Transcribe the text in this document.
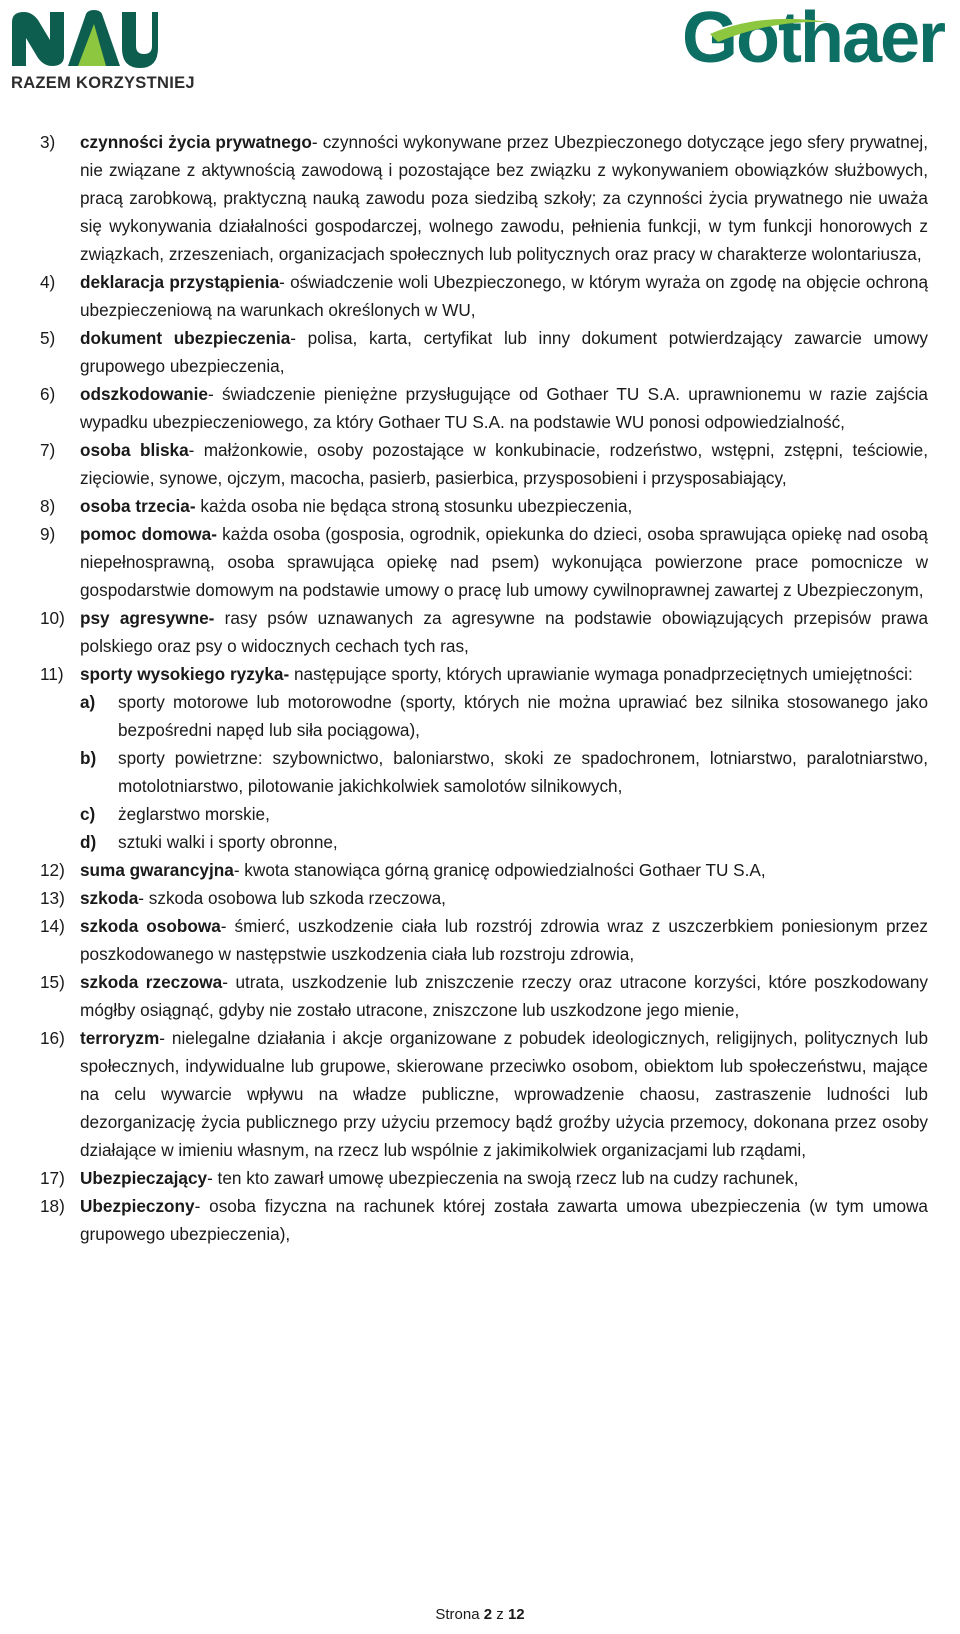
RAZEM KORZYSTNIEJ
Gothaer
3) czynności życia prywatnego- czynności wykonywane przez Ubezpieczonego dotyczące jego sfery prywatnej, nie związane z aktywnością zawodową i pozostające bez związku z wykonywaniem obowiązków służbowych, pracą zarobkową, praktyczną nauką zawodu poza siedzibą szkoły; za czynności życia prywatnego nie uważa się wykonywania działalności gospodarczej, wolnego zawodu, pełnienia funkcji, w tym funkcji honorowych z związkach, zrzeszeniach, organizacjach społecznych lub politycznych oraz pracy w charakterze wolontariusza,
4) deklaracja przystąpienia- oświadczenie woli Ubezpieczonego, w którym wyraża on zgodę na objęcie ochroną ubezpieczeniową na warunkach określonych w WU,
5) dokument ubezpieczenia- polisa, karta, certyfikat lub inny dokument potwierdzający zawarcie umowy grupowego ubezpieczenia,
6) odszkodowanie- świadczenie pieniężne przysługujące od Gothaer TU S.A. uprawnionemu w razie zajścia wypadku ubezpieczeniowego, za który Gothaer TU S.A. na podstawie WU ponosi odpowiedzialność,
7) osoba bliska- małżonkowie, osoby pozostające w konkubinacie, rodzeństwo, wstępni, zstępni, teściowie, zięciowie, synowe, ojczym, macocha, pasierb, pasierbica, przysposobieni i przysposabiający,
8) osoba trzecia- każda osoba nie będąca stroną stosunku ubezpieczenia,
9) pomoc domowa- każda osoba (gosposia, ogrodnik, opiekunka do dzieci, osoba sprawująca opiekę nad osobą niepełnosprawną, osoba sprawująca opiekę nad psem) wykonująca powierzone prace pomocnicze w gospodarstwie domowym na podstawie umowy o pracę lub umowy cywilnoprawnej zawartej z Ubezpieczonym,
10) psy agresywne- rasy psów uznawanych za agresywne na podstawie obowiązujących przepisów prawa polskiego oraz psy o widocznych cechach tych ras,
11) sporty wysokiego ryzyka- następujące sporty, których uprawianie wymaga ponadprzeciętnych umiejętności:
a) sporty motorowe lub motorowodne (sporty, których nie można uprawiać bez silnika stosowanego jako bezpośredni napęd lub siła pociągowa),
b) sporty powietrzne: szybownictwo, baloniarstwo, skoki ze spadochronem, lotniarstwo, paralotniarstwo, motolotniarstwo, pilotowanie jakichkolwiek samolotów silnikowych,
c) żeglarstwo morskie,
d) sztuki walki i sporty obronne,
12) suma gwarancyjna- kwota stanowiąca górną granicę odpowiedzialności Gothaer TU S.A,
13) szkoda- szkoda osobowa lub szkoda rzeczowa,
14) szkoda osobowa- śmierć, uszkodzenie ciała lub rozstrój zdrowia wraz z uszczerbkiem poniesionym przez poszkodowanego w następstwie uszkodzenia ciała lub rozstroju zdrowia,
15) szkoda rzeczowa- utrata, uszkodzenie lub zniszczenie rzeczy oraz utracone korzyści, które poszkodowany mógłby osiągnąć, gdyby nie zostało utracone, zniszczone lub uszkodzone jego mienie,
16) terroryzm- nielegalne działania i akcje organizowane z pobudek ideologicznych, religijnych, politycznych lub społecznych, indywidualne lub grupowe, skierowane przeciwko osobom, obiektom lub społeczeństwu, mające na celu wywarcie wpływu na władze publiczne, wprowadzenie chaosu, zastraszenie ludności lub dezorganizację życia publicznego przy użyciu przemocy bądź groźby użycia przemocy, dokonana przez osoby działające w imieniu własnym, na rzecz lub wspólnie z jakimikolwiek organizacjami lub rządami,
17) Ubezpieczający- ten kto zawarł umowę ubezpieczenia na swoją rzecz lub na cudzy rachunek,
18) Ubezpieczony- osoba fizyczna na rachunek której została zawarta umowa ubezpieczenia (w tym umowa grupowego ubezpieczenia),
Strona 2 z 12
